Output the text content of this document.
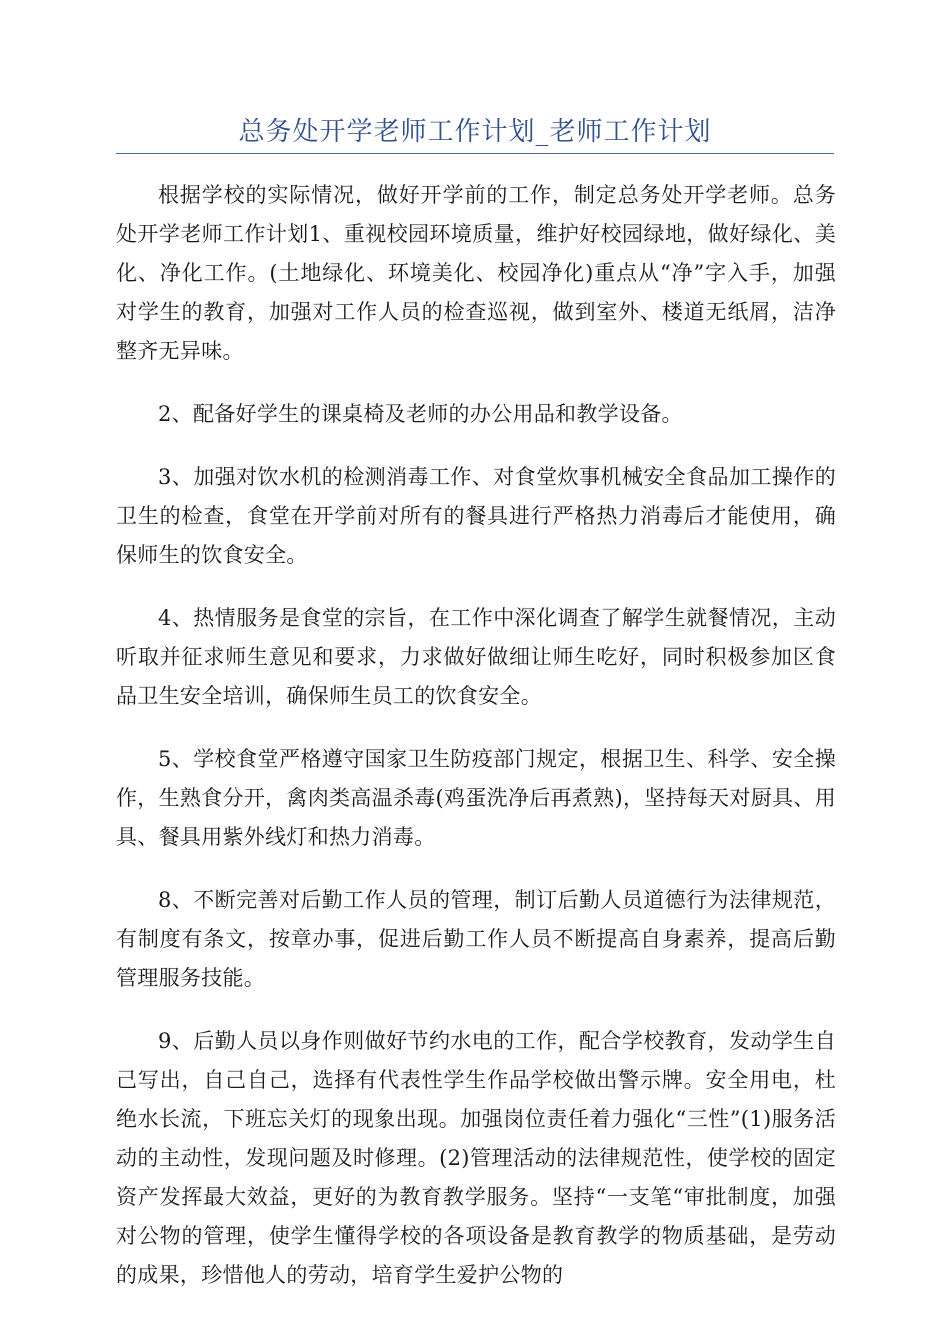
总务处开学老师工作计划_老师工作计划

根据学校的实际情况，做好开学前的工作，制定总务处开学老师。总务处开学老师工作计划1、重视校园环境质量，维护好校园绿地，做好绿化、美化、净化工作。(土地绿化、环境美化、校园净化)重点从“净”字入手，加强对学生的教育，加强对工作人员的检查巡视，做到室外、楼道无纸屑，洁净整齐无异味。

2、配备好学生的课桌椅及老师的办公用品和教学设备。

3、加强对饮水机的检测消毒工作、对食堂炊事机械安全食品加工操作的卫生的检查，食堂在开学前对所有的餐具进行严格热力消毒后才能使用，确保师生的饮食安全。

4、热情服务是食堂的宗旨，在工作中深化调查了解学生就餐情况，主动听取并征求师生意见和要求，力求做好做细让师生吃好，同时积极参加区食品卫生安全培训，确保师生员工的饮食安全。

5、学校食堂严格遵守国家卫生防疫部门规定，根据卫生、科学、安全操作，生熟食分开，禽肉类高温杀毒(鸡蛋洗净后再煮熟)，坚持每天对厨具、用具、餐具用紫外线灯和热力消毒。

8、不断完善对后勤工作人员的管理，制订后勤人员道德行为法律规范，有制度有条文，按章办事，促进后勤工作人员不断提高自身素养，提高后勤管理服务技能。

9、后勤人员以身作则做好节约水电的工作，配合学校教育，发动学生自己写出，自己自己，选择有代表性学生作品学校做出警示牌。安全用电，杜绝水长流，下班忘关灯的现象出现。加强岗位责任着力强化“三性”(1)服务活动的主动性，发现问题及时修理。(2)管理活动的法律规范性，使学校的固定资产发挥最大效益，更好的为教育教学服务。坚持“一支笔“审批制度，加强对公物的管理，使学生懂得学校的各项设备是教育教学的物质基础，是劳动的成果，珍惜他人的劳动，培育学生爱护公物的
